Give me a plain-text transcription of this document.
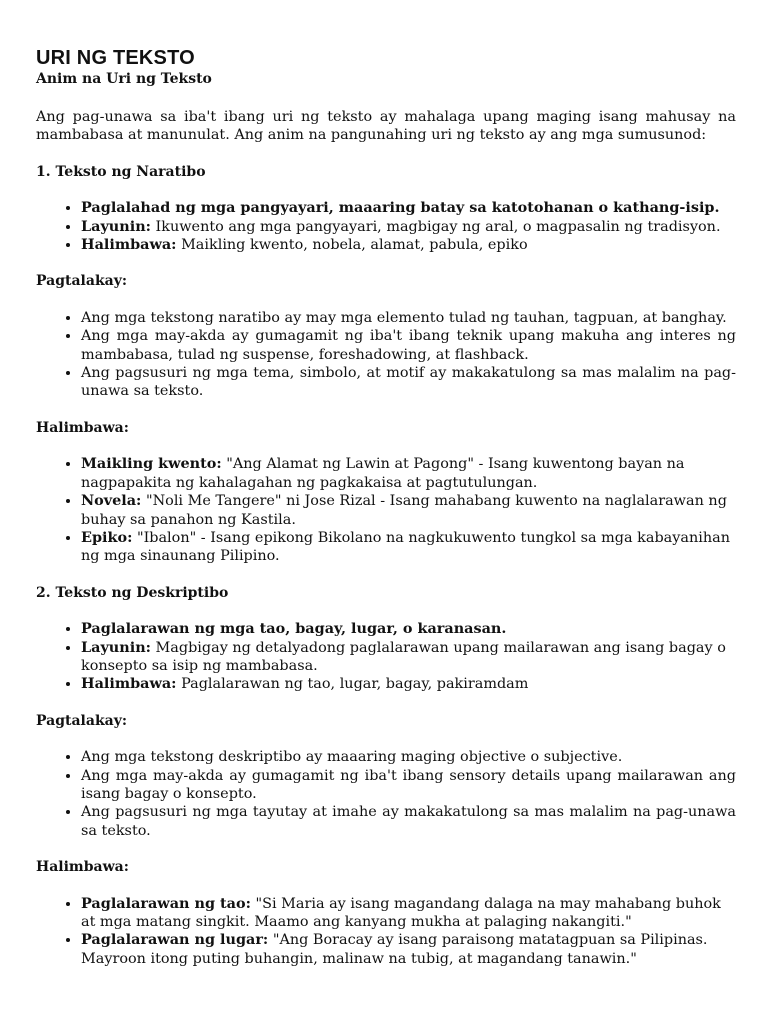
URI NG TEKSTO
Anim na Uri ng Teksto

Ang pag-unawa sa iba't ibang uri ng teksto ay mahalaga upang maging isang mahusay na mambabasa at manunulat. Ang anim na pangunahing uri ng teksto ay ang mga sumusunod:

1. Teksto ng Naratibo
• Paglalahad ng mga pangyayari, maaaring batay sa katotohanan o kathang-isip.
• Layunin: Ikuwento ang mga pangyayari, magbigay ng aral, o magpasalin ng tradisyon.
• Halimbawa: Maikling kwento, nobela, alamat, pabula, epiko
Pagtalakay:
• Ang mga tekstong naratibo ay may mga elemento tulad ng tauhan, tagpuan, at banghay.
• Ang mga may-akda ay gumagamit ng iba't ibang teknik upang makuha ang interes ng mambabasa, tulad ng suspense, foreshadowing, at flashback.
• Ang pagsusuri ng mga tema, simbolo, at motif ay makakatulong sa mas malalim na pag-unawa sa teksto.
Halimbawa:
• Maikling kwento: "Ang Alamat ng Lawin at Pagong" - Isang kuwentong bayan na nagpapakita ng kahalagahan ng pagkakaisa at pagtutulungan.
• Novela: "Noli Me Tangere" ni Jose Rizal - Isang mahabang kuwento na naglalarawan ng buhay sa panahon ng Kastila.
• Epiko: "Ibalon" - Isang epikong Bikolano na nagkukuwento tungkol sa mga kabayanihan ng mga sinaunang Pilipino.
2. Teksto ng Deskriptibo
• Paglalarawan ng mga tao, bagay, lugar, o karanasan.
• Layunin: Magbigay ng detalyadong paglalarawan upang mailarawan ang isang bagay o konsepto sa isip ng mambabasa.
• Halimbawa: Paglalarawan ng tao, lugar, bagay, pakiramdam
Pagtalakay:
• Ang mga tekstong deskriptibo ay maaaring maging objective o subjective.
• Ang mga may-akda ay gumagamit ng iba't ibang sensory details upang mailarawan ang isang bagay o konsepto.
• Ang pagsusuri ng mga tayutay at imahe ay makakatulong sa mas malalim na pag-unawa sa teksto.
Halimbawa:
• Paglalarawan ng tao: "Si Maria ay isang magandang dalaga na may mahabang buhok at mga matang singkit. Maamo ang kanyang mukha at palaging nakangiti."
• Paglalarawan ng lugar: "Ang Boracay ay isang paraisong matatagpuan sa Pilipinas. Mayroon itong puting buhangin, malinaw na tubig, at magandang tanawin."
